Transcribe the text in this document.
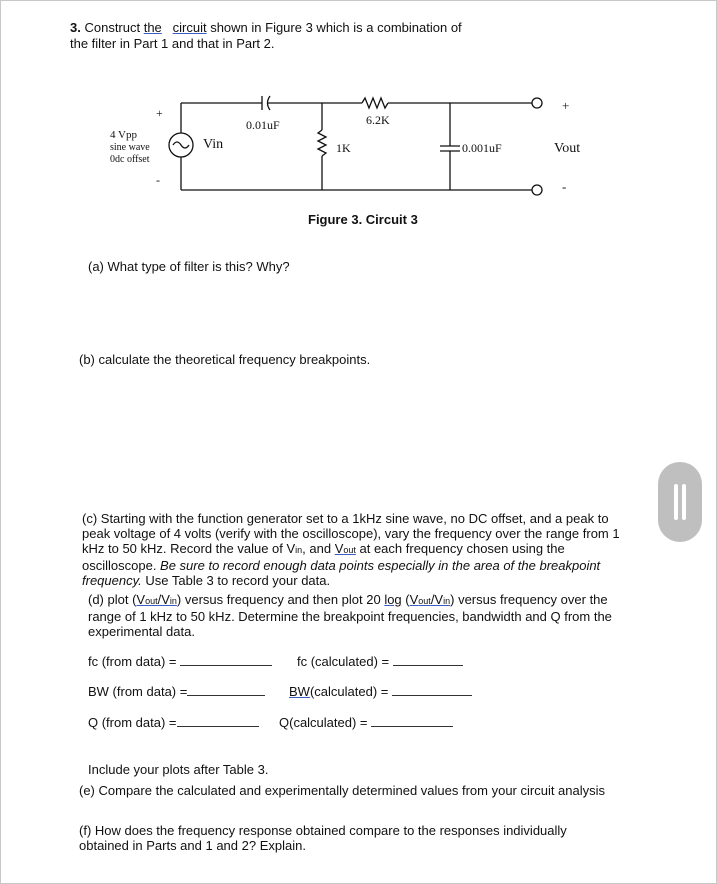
3. Construct the circuit shown in Figure 3 which is a combination of
the filter in Part 1 and that in Part 2.
+
-
4 Vpp
sine wave
0dc offset
Vin
0.01uF	6.2K
1K	0.001uF
+
-
Vout
Figure 3. Circuit 3
(a) What type of filter is this? Why?
(b) calculate the theoretical frequency breakpoints.
(c) Starting with the function generator set to a 1kHz sine wave, no DC offset, and a peak to
peak voltage of 4 volts (verify with the oscilloscope), vary the frequency over the range from 1
kHz to 50 kHz. Record the value of Vin, and Vout at each frequency chosen using the
oscilloscope. Be sure to record enough data points especially in the area of the breakpoint
frequency. Use Table 3 to record your data.
(d) plot (Vout/Vin) versus frequency and then plot 20 log (Vout/Vin) versus frequency over the
range of 1 kHz to 50 kHz. Determine the breakpoint frequencies, bandwidth and Q from the
experimental data.
fc (from data) =	fc (calculated) =
BW (from data) =	BW(calculated) =
Q (from data) =	Q(calculated) =
Include your plots after Table 3.
(e) Compare the calculated and experimentally determined values from your circuit analysis
(f) How does the frequency response obtained compare to the responses individually
obtained in Parts and 1 and 2? Explain.
